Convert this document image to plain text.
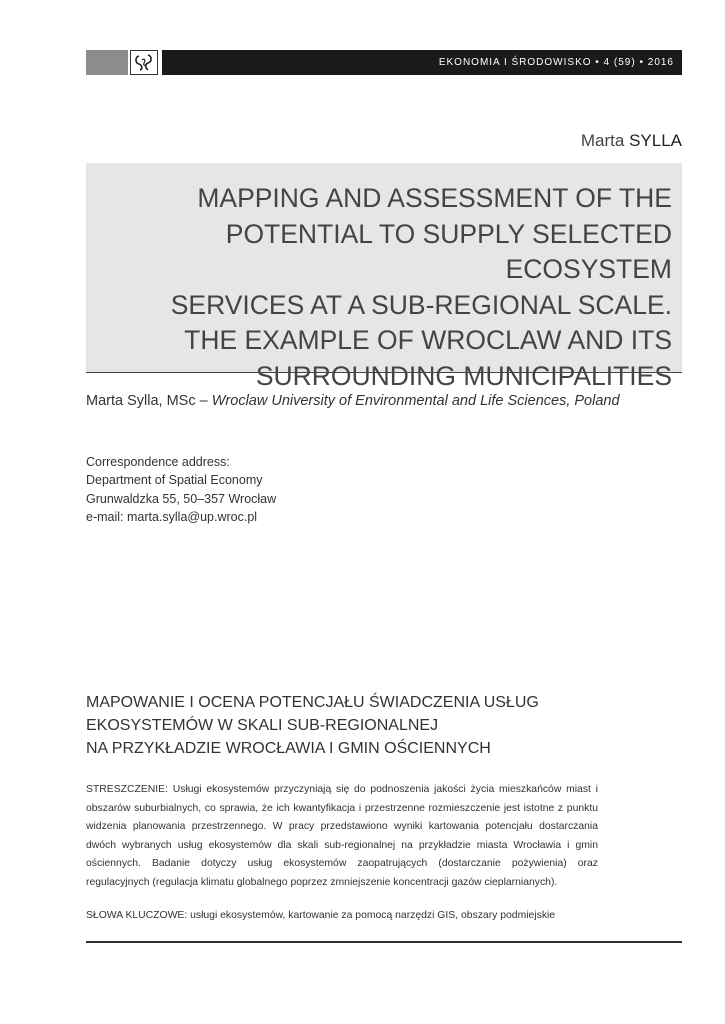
EKONOMIA I ŚRODOWISKO • 4 (59) • 2016
Marta SYLLA
MAPPING AND ASSESSMENT OF THE
POTENTIAL TO SUPPLY SELECTED ECOSYSTEM
SERVICES AT A SUB-REGIONAL SCALE.
THE EXAMPLE OF WROCLAW AND ITS
SURROUNDING MUNICIPALITIES
Marta Sylla, MSc – Wroclaw University of Environmental and Life Sciences, Poland
Correspondence address:
Department of Spatial Economy
Grunwaldzka 55, 50–357 Wrocław
e-mail: marta.sylla@up.wroc.pl
MAPOWANIE I OCENA POTENCJAŁU ŚWIADCZENIA USŁUG
EKOSYSTEMÓW W SKALI SUB-REGIONALNEJ
NA PRZYKŁADZIE WROCŁAWIA I GMIN OŚCIENNYCH
STRESZCZENIE: Usługi ekosystemów przyczyniają się do podnoszenia jakości życia mieszkańców miast i obszarów suburbialnych, co sprawia, że ich kwantyfikacja i przestrzenne rozmieszczenie jest istotne z punktu widzenia planowania przestrzennego. W pracy przedstawiono wyniki kartowania potencjału dostarczania dwóch wybranych usług ekosystemów dla skali sub-regionalnej na przykładzie miasta Wrocławia i gmin ościennych. Badanie dotyczy usług ekosystemów zaopatrujących (dostarczanie pożywienia) oraz regulacyjnych (regulacja klimatu globalnego poprzez zmniejszenie koncentracji gazów cieplarnianych).
SŁOWA KLUCZOWE: usługi ekosystemów, kartowanie za pomocą narzędzi GIS, obszary podmiejskie
